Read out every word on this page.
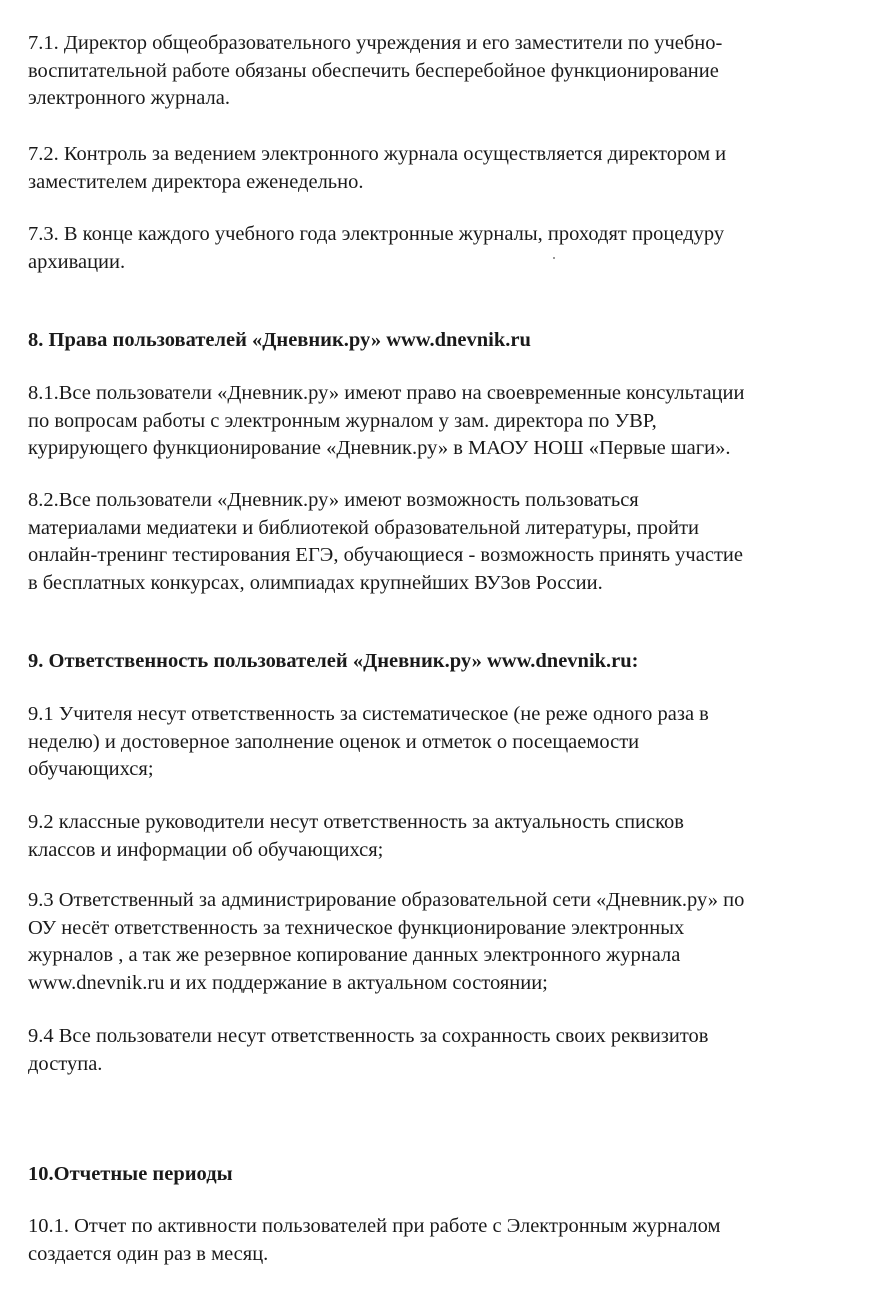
7.1. Директор общеобразовательного учреждения и его заместители по учебно-
воспитательной работе обязаны обеспечить бесперебойное функционирование
электронного журнала.

7.2. Контроль за ведением электронного журнала осуществляется директором и
заместителем директора еженедельно.

7.3. В конце каждого учебного года электронные журналы, проходят процедуру
архивации.

8. Права пользователей «Дневник.ру» www.dnevnik.ru

8.1.Все пользователи «Дневник.ру» имеют право на своевременные консультации
по вопросам работы с электронным журналом у зам. директора по УВР,
курирующего функционирование «Дневник.ру» в МАОУ НОШ «Первые шаги».

8.2.Все пользователи «Дневник.ру» имеют возможность пользоваться
материалами медиатеки и библиотекой образовательной литературы, пройти
онлайн-тренинг тестирования ЕГЭ, обучающиеся - возможность принять участие
в бесплатных конкурсах, олимпиадах крупнейших ВУЗов России.

9. Ответственность пользователей «Дневник.ру» www.dnevnik.ru:

9.1 Учителя несут ответственность за систематическое (не реже одного раза в
неделю) и достоверное заполнение оценок и отметок о посещаемости
обучающихся;

9.2 классные руководители несут ответственность за актуальность списков
классов и информации об обучающихся;

9.3 Ответственный за администрирование образовательной сети «Дневник.ру» по
ОУ несёт ответственность за техническое функционирование электронных
журналов , а так же резервное копирование данных электронного журнала
www.dnevnik.ru и их поддержание в актуальном состоянии;

9.4 Все пользователи несут ответственность за сохранность своих реквизитов
доступа.

10.Отчетные периоды

10.1. Отчет по активности пользователей при работе с Электронным журналом
создается один раз в месяц.
